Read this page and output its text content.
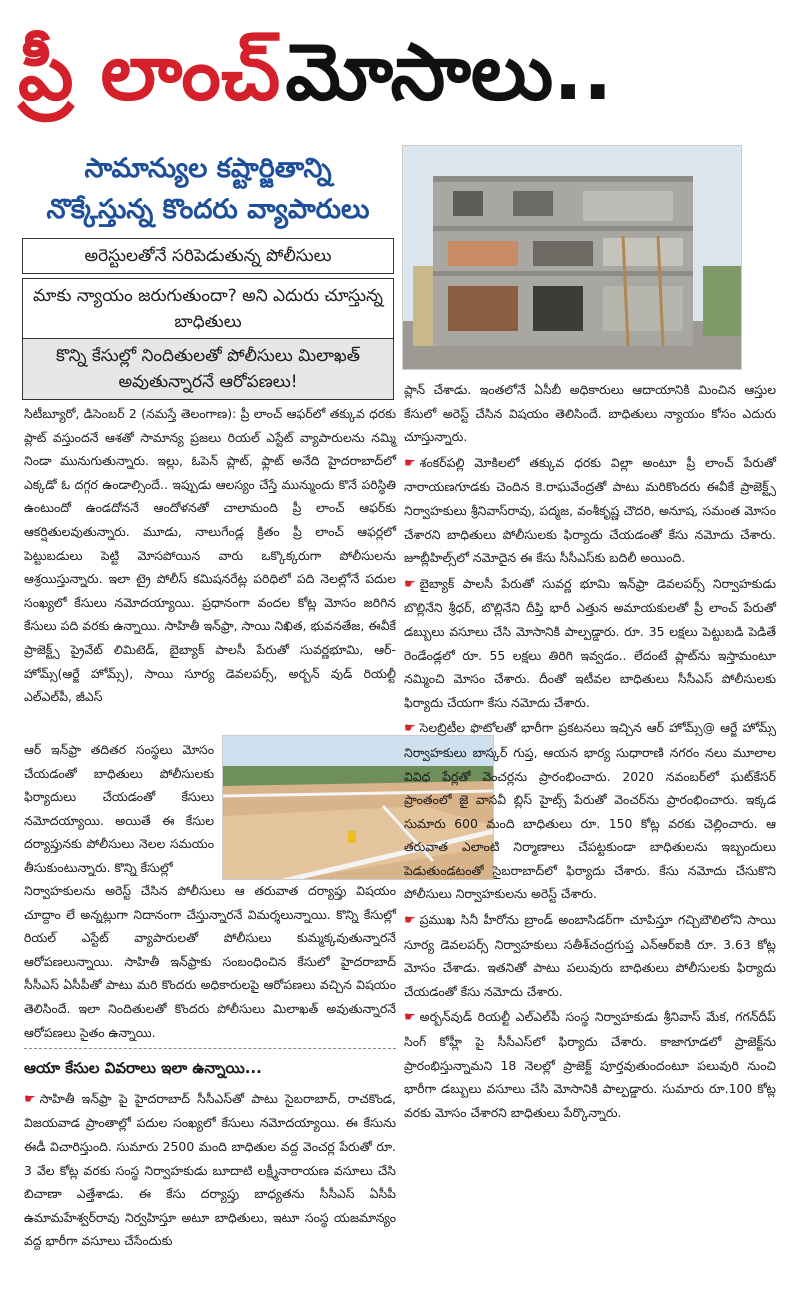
ప్రీ లాంచ్ మోసాలు..
సామాన్యుల కష్టార్జితాన్ని
నొక్కేస్తున్న కొందరు వ్యాపారులు
అరెస్టులతోనే సరిపెడుతున్న పోలీసులు
మాకు న్యాయం జరుగుతుందా? అని ఎదురు చూస్తున్న బాధితులు
కొన్ని కేసుల్లో నిందితులతో పోలీసులు మిలాఖత్ అవుతున్నారనే ఆరోపణలు!

సిటీబ్యూరో, డిసెంబర్ 2 (నమస్తే తెలంగాణ): ప్రీ లాంచ్ ఆఫర్‌లో తక్కువ ధరకు ప్లాట్ వస్తుందనే ఆశతో సామాన్య ప్రజలు రియల్ ఎస్టేట్ వ్యాపారులను నమ్మి నిండా మునుగుతున్నారు. ఇల్లు, ఓపెన్ ప్లాట్, ఫ్లాట్ అనేది హైదరాబాద్‌లో ఎక్కడో ఓ దగ్గర ఉండాల్సిందే.. ఇప్పుడు ఆలస్యం చేస్తే మున్ముందు కొనే పరిస్థితి ఉంటుందో ఉండదోననే ఆందోళనతో చాలామంది ప్రీ లాంచ్ ఆఫర్‌కు ఆకర్షితులవుతున్నారు. మూడు, నాలుగేండ్ల క్రితం ప్రీ లాంచ్ ఆఫర్లలో పెట్టుబడులు పెట్టి మోసపోయిన వారు ఒక్కొక్కరుగా పోలీసులను ఆశ్రయిస్తున్నారు. ఇలా ట్రై పోలీస్ కమిషనరేట్ల పరిధిలో పది నెలల్లోనే పదుల సంఖ్యలో కేసులు నమోదయ్యాయి. ప్రధానంగా వందల కోట్ల మోసం జరిగిన కేసులు పది వరకు ఉన్నాయి. సాహితీ ఇన్‌ఫ్రా, సాయి నిఖిత, భువనతేజ, ఈవీకే ప్రాజెక్ట్స్ ప్రైవేట్ లిమిటెడ్, బైబ్యాక్ పాలసీ పేరుతో సువర్ణభూమి, ఆర్-హోమ్స్(ఆర్జే హోమ్స్), సాయి సూర్య డెవలపర్స్, అర్బన్ వుడ్ రియల్టీ ఎల్ఎల్‌పీ, జీఎస్

ఆర్ ఇన్‌ఫ్రా తదితర సంస్థలు మోసం చేయడంతో బాధితులు పోలీసులకు ఫిర్యాదులు చేయడంతో కేసులు నమోదయ్యాయి. అయితే ఈ కేసుల దర్యాప్తునకు పోలీసులు నెలల సమయం తీసుకుంటున్నారు. కొన్ని కేసుల్లో

నిర్వాహకులను అరెస్ట్ చేసిన పోలీసులు ఆ తరువాత దర్యాప్తు విషయం చూద్దాం లే అన్నట్లుగా నిదానంగా చేస్తున్నారనే విమర్శలున్నాయి. కొన్ని కేసుల్లో రియల్ ఎస్టేట్ వ్యాపారులతో పోలీసులు కుమ్మక్కవుతున్నారనే ఆరోపణలున్నాయి. సాహితీ ఇన్‌ఫ్రాకు సంబంధించిన కేసులో హైదరాబాద్ సీసీఎస్ ఏసీపీతో పాటు మరి కొందరు అధికారులపై ఆరోపణలు వచ్చిన విషయం తెలిసిందే. ఇలా నిందితులతో కొందరు పోలీసులు మిలాఖత్ అవుతున్నారనే ఆరోపణలు సైతం ఉన్నాయి.

ఆయా కేసుల వివరాలు ఇలా ఉన్నాయి...

☛ సాహితీ ఇన్‌ఫ్రా పై హైదరాబాద్ సీసీఎస్‌తో పాటు సైబరాబాద్, రాచకొండ, విజయవాడ ప్రాంతాల్లో పదుల సంఖ్యలో కేసులు నమోదయ్యాయి. ఈ కేసును ఈడీ విచారిస్తుంది. సుమారు 2500 మంది బాధితుల వద్ద వెంచర్ల పేరుతో రూ. 3 వేల కోట్ల వరకు సంస్థ నిర్వాహకుడు బూదాటి లక్ష్మీనారాయణ వసూలు చేసి బిచాణా ఎత్తేశాడు. ఈ కేసు దర్యాప్తు బాధ్యతను సీసీఎస్ ఏసీపీ ఉమామహేశ్వర్‌రావు నిర్వహిస్తూ అటూ బాధితులు, ఇటూ సంస్థ యజమాన్యం వద్ద భారీగా వసూలు చేసేందుకు

ప్లాన్ చేశాడు. ఇంతలోనే ఏసీబీ అధికారులు ఆదాయానికి మించిన ఆస్తుల కేసులో అరెస్ట్ చేసిన విషయం తెలిసిందే. బాధితులు న్యాయం కోసం ఎదురు చూస్తున్నారు.

☛ శంకర్‌పల్లి మోకిలలో తక్కువ ధరకు విల్లా అంటూ ప్రీ లాంచ్ పేరుతో నారాయణగూడకు చెందిన కె.రాఘవేంద్రతో పాటు మరికొందరు ఈవీకే ప్రాజెక్ట్స్ నిర్వాహకులు శ్రీనివాస్‌రావు, పద్మజ, వంశీకృష్ణ చౌదరి, అనూష, సమంత మోసం చేశారని బాధితులు పోలీసులకు ఫిర్యాదు చేయడంతో కేసు నమోదు చేశారు. జూబ్లీహిల్స్‌లో నమోదైన ఈ కేసు సీసీఎస్‌కు బదిలీ అయింది.

☛ బైబ్యాక్ పాలసీ పేరుతో సువర్ణ భూమి ఇన్‌ఫ్రా డెవలపర్స్ నిర్వాహకుడు బొల్లినేని శ్రీధర్, బొల్లినేని దీప్తి భారీ ఎత్తున అమాయకులతో ప్రీ లాంచ్ పేరుతో డబ్బులు వసూలు చేసి మోసానికి పాల్పడ్డారు. రూ. 35 లక్షలు పెట్టుబడి పెడితే రెండేండ్లలో రూ. 55 లక్షలు తిరిగి ఇవ్వడం.. లేదంటే ప్లాట్‌ను ఇస్తామంటూ నమ్మించి మోసం చేశారు. దీంతో ఇటీవల బాధితులు సీసీఎస్ పోలీసులకు ఫిర్యాదు చేయగా కేసు నమోదు చేశారు.

☛ సెలబ్రిటీల ఫొటోలతో భారీగా ప్రకటనలు ఇచ్చిన ఆర్ హోమ్స్@ ఆర్జే హోమ్స్ నిర్వాహకులు బాస్కర్ గుప్త, ఆయన భార్య సుధారాణి నగరం నలు మూలాల వివిధ పేర్లతో వెంచర్లను ప్రారంభించారు. 2020 నవంబర్‌లో ఘట్‌కేసర్ ప్రాంతంలో జై వాసవీ బ్లిస్ హైట్స్ పేరుతో వెంచర్‌ను ప్రారంభించారు. ఇక్కడ సుమారు 600 మంది బాధితులు రూ. 150 కోట్ల వరకు చెల్లించారు. ఆ తరువాత ఎలాంటి నిర్మాణాలు చేపట్టకుండా బాధితులను ఇబ్బందులు పెడుతుండటంతో సైబరాబాద్‌లో ఫిర్యాదు చేశారు. కేసు నమోదు చేసుకొని పోలీసులు నిర్వాహకులను అరెస్ట్ చేశారు.

☛ ప్రముఖ సినీ హీరోను బ్రాండ్ అంబాసిడర్‌గా చూపిస్తూ గచ్చిబౌలిలోని సాయి సూర్య డెవలపర్స్ నిర్వాహకులు సతీశ్‌చంద్రగుప్త ఎన్ఆర్ఐకి రూ. 3.63 కోట్ల మోసం చేశాడు. ఇతనితో పాటు పలువురు బాధితులు పోలీసులకు ఫిర్యాదు చేయడంతో కేసు నమోదు చేశారు.

☛ అర్బన్‌వుడ్ రియల్టీ ఎల్ఎల్‌పీ సంస్థ నిర్వాహకుడు శ్రీనివాస్ మేక, గగన్‌దీప్ సింగ్ కోహ్లీ పై సీసీఎస్‌లో ఫిర్యాదు చేశారు. కాజాగూడలో ప్రాజెక్ట్‌ను ప్రారంభిస్తున్నామని 18 నెలల్లో ప్రాజెక్ట్ పూర్తవుతుందంటూ పలువురి నుంచి భారీగా డబ్బులు వసూలు చేసి మోసానికి పాల్పడ్డారు. సుమారు రూ.100 కోట్ల వరకు మోసం చేశారని బాధితులు పేర్కొన్నారు.
